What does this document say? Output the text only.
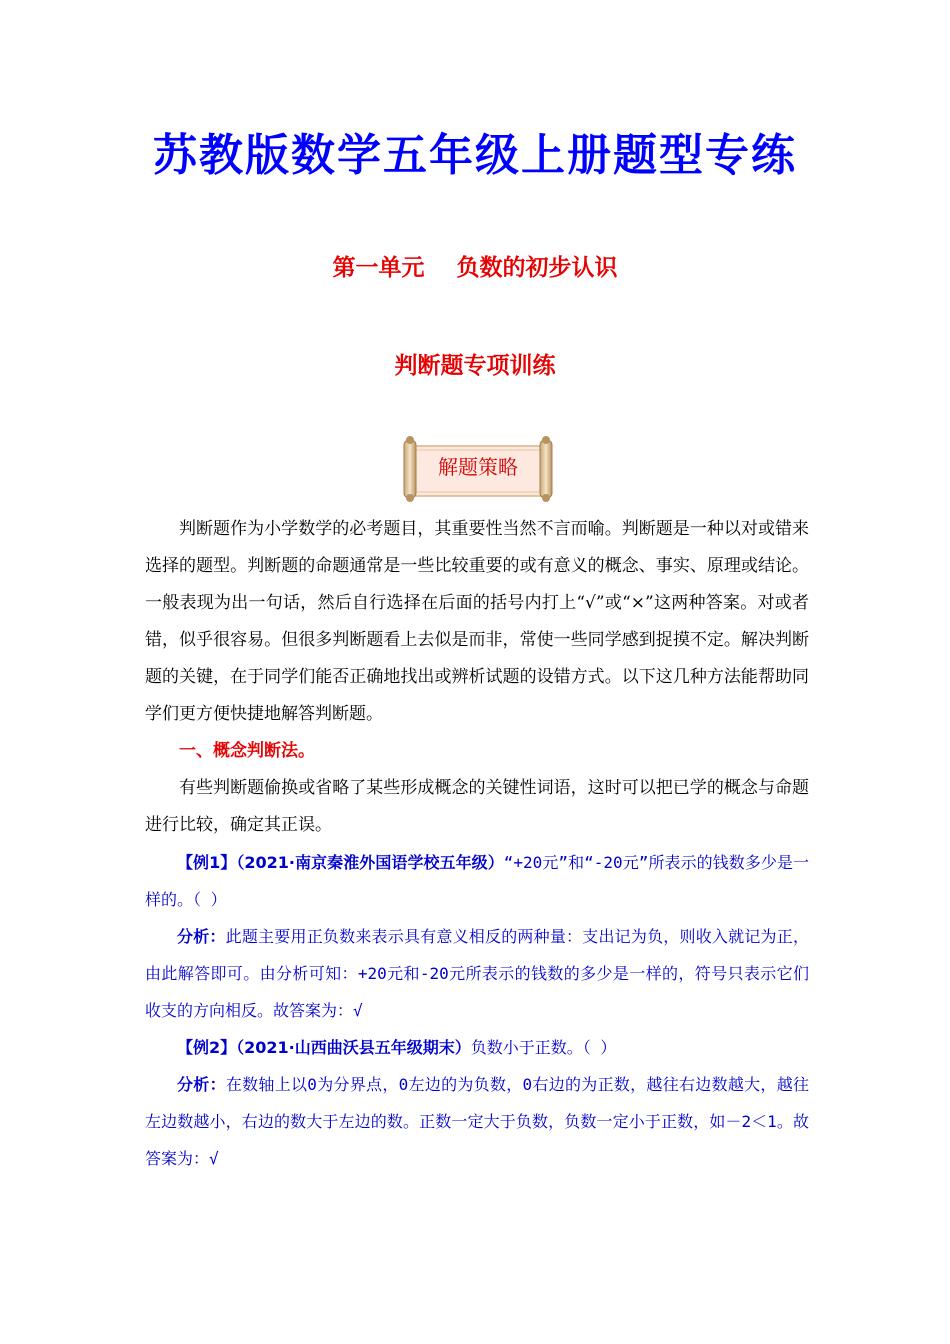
苏教版数学五年级上册题型专练
第一单元    负数的初步认识
判断题专项训练
解题策略

判断题作为小学数学的必考题目，其重要性当然不言而喻。判断题是一种以对或错来选择的题型。判断题的命题通常是一些比较重要的或有意义的概念、事实、原理或结论。一般表现为出一句话，然后自行选择在后面的括号内打上“√”或“×”这两种答案。对或者错，似乎很容易。但很多判断题看上去似是而非，常使一些同学感到捉摸不定。解决判断题的关键，在于同学们能否正确地找出或辨析试题的设错方式。以下这几种方法能帮助同学们更方便快捷地解答判断题。

一、概念判断法。

有些判断题偷换或省略了某些形成概念的关键性词语，这时可以把已学的概念与命题进行比较，确定其正误。

【例1】（2021·南京秦淮外国语学校五年级）“+20元”和“-20元”所表示的钱数多少是一样的。（ ）

分析：此题主要用正负数来表示具有意义相反的两种量：支出记为负，则收入就记为正，由此解答即可。由分析可知：+20元和-20元所表示的钱数的多少是一样的，符号只表示它们收支的方向相反。故答案为：√

【例2】（2021·山西曲沃县五年级期末）负数小于正数。（ ）

分析：在数轴上以0为分界点，0左边的为负数，0右边的为正数，越往右边数越大，越往左边数越小，右边的数大于左边的数。正数一定大于负数，负数一定小于正数，如－2＜1。故答案为：√
